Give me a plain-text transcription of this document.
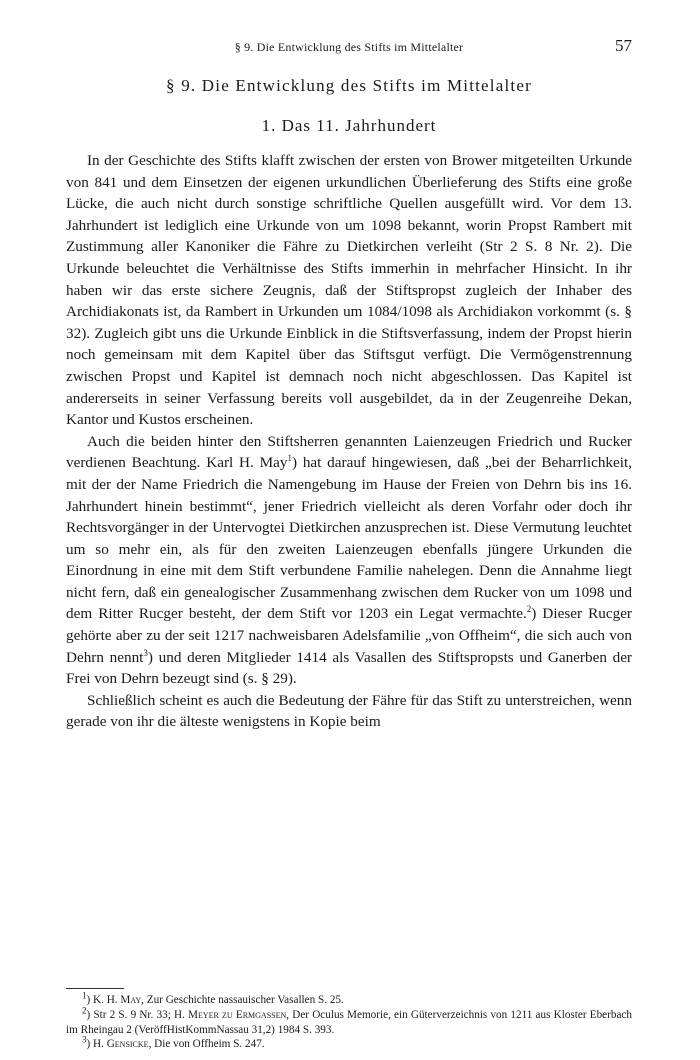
§ 9. Die Entwicklung des Stifts im Mittelalter	57
§ 9. Die Entwicklung des Stifts im Mittelalter
1. Das 11. Jahrhundert

In der Geschichte des Stifts klafft zwischen der ersten von Brower mitgeteilten Urkunde von 841 und dem Einsetzen der eigenen urkundlichen Überlieferung des Stifts eine große Lücke, die auch nicht durch sonstige schriftliche Quellen ausgefüllt wird. Vor dem 13. Jahrhundert ist lediglich eine Urkunde von um 1098 bekannt, worin Propst Rambert mit Zustimmung aller Kanoniker die Fähre zu Dietkirchen verleiht (Str 2 S. 8 Nr. 2). Die Urkunde beleuchtet die Verhältnisse des Stifts immerhin in mehrfacher Hinsicht. In ihr haben wir das erste sichere Zeugnis, daß der Stiftspropst zugleich der Inhaber des Archidiakonats ist, da Rambert in Urkunden um 1084/1098 als Archidiakon vorkommt (s. § 32). Zugleich gibt uns die Urkunde Einblick in die Stiftsverfassung, indem der Propst hierin noch gemeinsam mit dem Kapitel über das Stiftsgut verfügt. Die Vermögenstrennung zwischen Propst und Kapitel ist demnach noch nicht abgeschlossen. Das Kapitel ist andererseits in seiner Verfassung bereits voll ausgebildet, da in der Zeugenreihe Dekan, Kantor und Kustos erscheinen.

Auch die beiden hinter den Stiftsherren genannten Laienzeugen Friedrich und Rucker verdienen Beachtung. Karl H. May$^1$) hat darauf hingewiesen, daß „bei der Beharrlichkeit, mit der der Name Friedrich die Namengebung im Hause der Freien von Dehrn bis ins 16. Jahrhundert hinein bestimmt“, jener Friedrich vielleicht als deren Vorfahr oder doch ihr Rechtsvorgänger in der Untervogtei Dietkirchen anzusprechen ist. Diese Vermutung leuchtet um so mehr ein, als für den zweiten Laienzeugen ebenfalls jüngere Urkunden die Einordnung in eine mit dem Stift verbundene Familie nahelegen. Denn die Annahme liegt nicht fern, daß ein genealogischer Zusammenhang zwischen dem Rucker von um 1098 und dem Ritter Rucger besteht, der dem Stift vor 1203 ein Legat vermachte.$^2$) Dieser Rucger gehörte aber zu der seit 1217 nachweisbaren Adelsfamilie „von Offheim“, die sich auch von Dehrn nennt$^3$) und deren Mitglieder 1414 als Vasallen des Stiftspropsts und Ganerben der Frei von Dehrn bezeugt sind (s. § 29).

Schließlich scheint es auch die Bedeutung der Fähre für das Stift zu unterstreichen, wenn gerade von ihr die älteste wenigstens in Kopie beim

$^1$) K. H. May, Zur Geschichte nassauischer Vasallen S. 25.

$^2$) Str 2 S. 9 Nr. 33; H. Meyer zu Ermgassen, Der Oculus Memorie, ein Güterverzeichnis von 1211 aus Kloster Eberbach im Rheingau 2 (VeröffHistKommNassau 31,2) 1984 S. 393.

$^3$) H. Gensicke, Die von Offheim S. 247.
